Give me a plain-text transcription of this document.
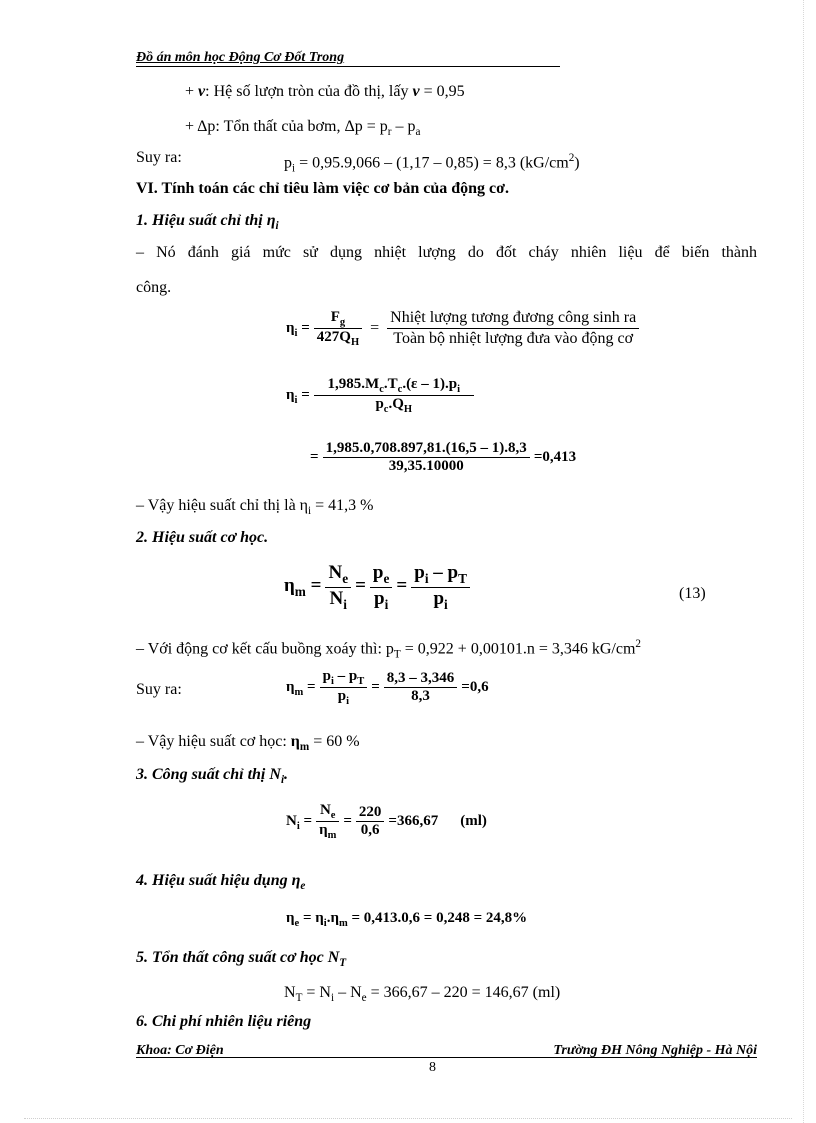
Đồ án môn học Động Cơ Đốt Trong
+ ν: Hệ số lượn tròn của đồ thị, lấy ν = 0,95
+ Δp: Tổn thất của bơm, $\Delta p = p_r - p_a$
Suy ra:	$p_i = 0,95.9,066 - (1,17 - 0,85) = 8,3$ $(kG/cm^2)$
VI. Tính toán các chỉ tiêu làm việc cơ bản của động cơ.
1. Hiệu suất chỉ thị $\eta_i$
– Nó đánh giá mức sử dụng nhiệt lượng do đốt cháy nhiên liệu để biến thành
công.
$\eta_i = \frac{F_g}{427Q_H} = \frac{\text{Nhiệt lượng tương đương công sinh ra}}{\text{Toàn bộ nhiệt lượng đưa vào động cơ}}$
$\eta_i = \frac{1,985.M_c.T_c.(\varepsilon - 1).p_i}{p_c.Q_H}$
= $\frac{1,985.0,708.897,81.(16,5 - 1).8,3}{39,35.10000} =0,413$
– Vậy hiệu suất chỉ thị là $\eta_i = 41,3$ %
2. Hiệu suất cơ học.
$\eta_m = \frac{N_e}{N_i} = \frac{p_e}{p_i} = \frac{p_i - p_T}{p_i}$	(13)
– Với động cơ kết cấu buồng xoáy thì: $p_T = 0,922 + 0,00101.n = 3,346$ $kG/cm^2$
Suy ra:	$\eta_m = \frac{p_i - p_T}{p_i} = \frac{8,3 - 3,346}{8,3} =0,6$
– Vậy hiệu suất cơ học: $\eta_m = 60$ %
3. Công suất chỉ thị $N_i$.
$N_i = \frac{N_e}{\eta_m} = \frac{220}{0,6} =366,67$ (ml)
4. Hiệu suất hiệu dụng $\eta_e$
$\eta_e = \eta_i.\eta_m = 0,413.0,6 = 0,248 = 24,8\%$
5. Tổn thất công suất cơ học $N_T$
$N_T = N_i - N_e = 366,67 - 220 = 146,67$ (ml)
6. Chi phí nhiên liệu riêng
Khoa: Cơ Điện	Trường ĐH Nông Nghiệp - Hà Nội
8
